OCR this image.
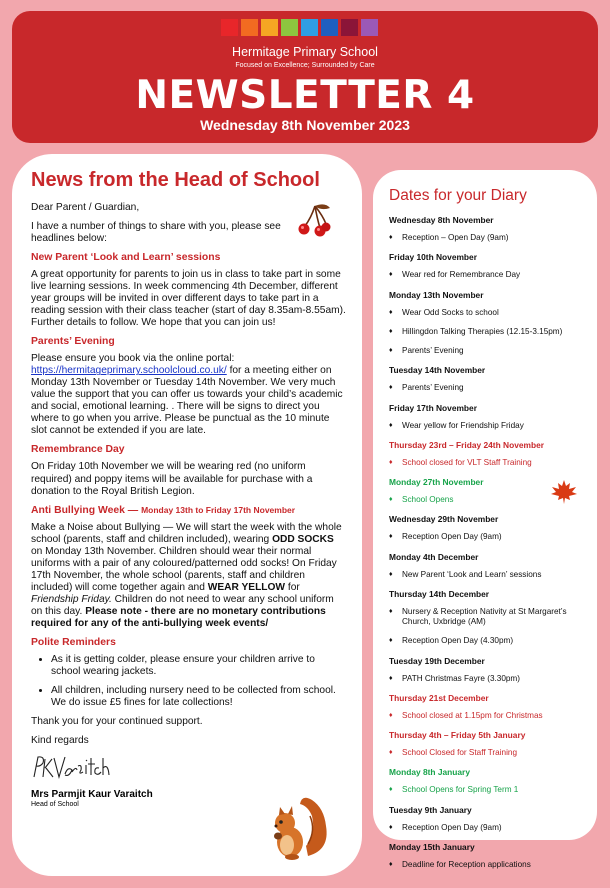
Hermitage Primary School
Focused on Excellence; Surrounded by Care
NEWSLETTER 4
Wednesday 8th November 2023
News from the Head of School

Dear Parent / Guardian,

I have a number of things to share with you, please see headlines below:

New Parent ‘Look and Learn’ sessions

A great opportunity for parents to join us in class to take part in some live learning sessions. In week commencing 4th December, different year groups will be invited in over different days to take part in a reading session with their class teacher (start of day 8.35am-8.55am). Further details to follow. We hope that you can join us!

Parents’ Evening

Please ensure you book via the online portal: https://hermitageprimary.schoolcloud.co.uk/ for a meeting either on Monday 13th November or Tuesday 14th November. We very much value the support that you can offer us towards your child’s academic and social, emotional learning. . There will be signs to direct you where to go when you arrive. Please be punctual as the 10 minute slot cannot be extended if you are late.

Remembrance Day

On Friday 10th November we will be wearing red (no uniform required) and poppy items will be available for purchase with a donation to the Royal British Legion.

Anti Bullying Week — Monday 13th to Friday 17th November

Make a Noise about Bullying — We will start the week with the whole school (parents, staff and children included), wearing ODD SOCKS on Monday 13th November. Children should wear their normal uniforms with a pair of any coloured/patterned odd socks! On Friday 17th November, the whole school (parents, staff and children included) will come together again and WEAR YELLOW for Friendship Friday. Children do not need to wear any school uniform on this day. Please note - there are no monetary contributions required for any of the anti-bullying week events/

Polite Reminders

• As it is getting colder, please ensure your children arrive to school wearing jackets.
• All children, including nursery need to be collected from school. We do issue £5 fines for late collections!

Thank you for your continued support.

Kind regards

Mrs Parmjit Kaur Varaitch

Head of School

Dates for your Diary
Wednesday 8th November
♦	Reception – Open Day (9am)
Friday 10th November
♦	Wear red for Remembrance Day
Monday 13th November
♦	Wear Odd Socks to school
♦	Hillingdon Talking Therapies (12.15-3.15pm)
♦	Parents’ Evening
Tuesday 14th November
♦	Parents’ Evening
Friday 17th November
♦	Wear yellow for Friendship Friday
Thursday 23rd – Friday 24th November
♦	School closed for VLT Staff Training
Monday 27th November
♦	School Opens
Wednesday 29th November
♦	Reception Open Day (9am)
Monday 4th December
♦	New Parent ‘Look and Learn’ sessions
Thursday 14th December
♦	Nursery & Reception Nativity at St Margaret’s Church, Uxbridge (AM)
♦	Reception Open Day (4.30pm)
Tuesday 19th December
♦	PATH Christmas Fayre (3.30pm)
Thursday 21st December
♦	School closed at 1.15pm for Christmas
Thursday 4th – Friday 5th January
♦	School Closed for Staff Training
Monday 8th January
♦	School Opens for Spring Term 1
Tuesday 9th January
♦	Reception Open Day (9am)
Monday 15th January
♦	Deadline for Reception applications
